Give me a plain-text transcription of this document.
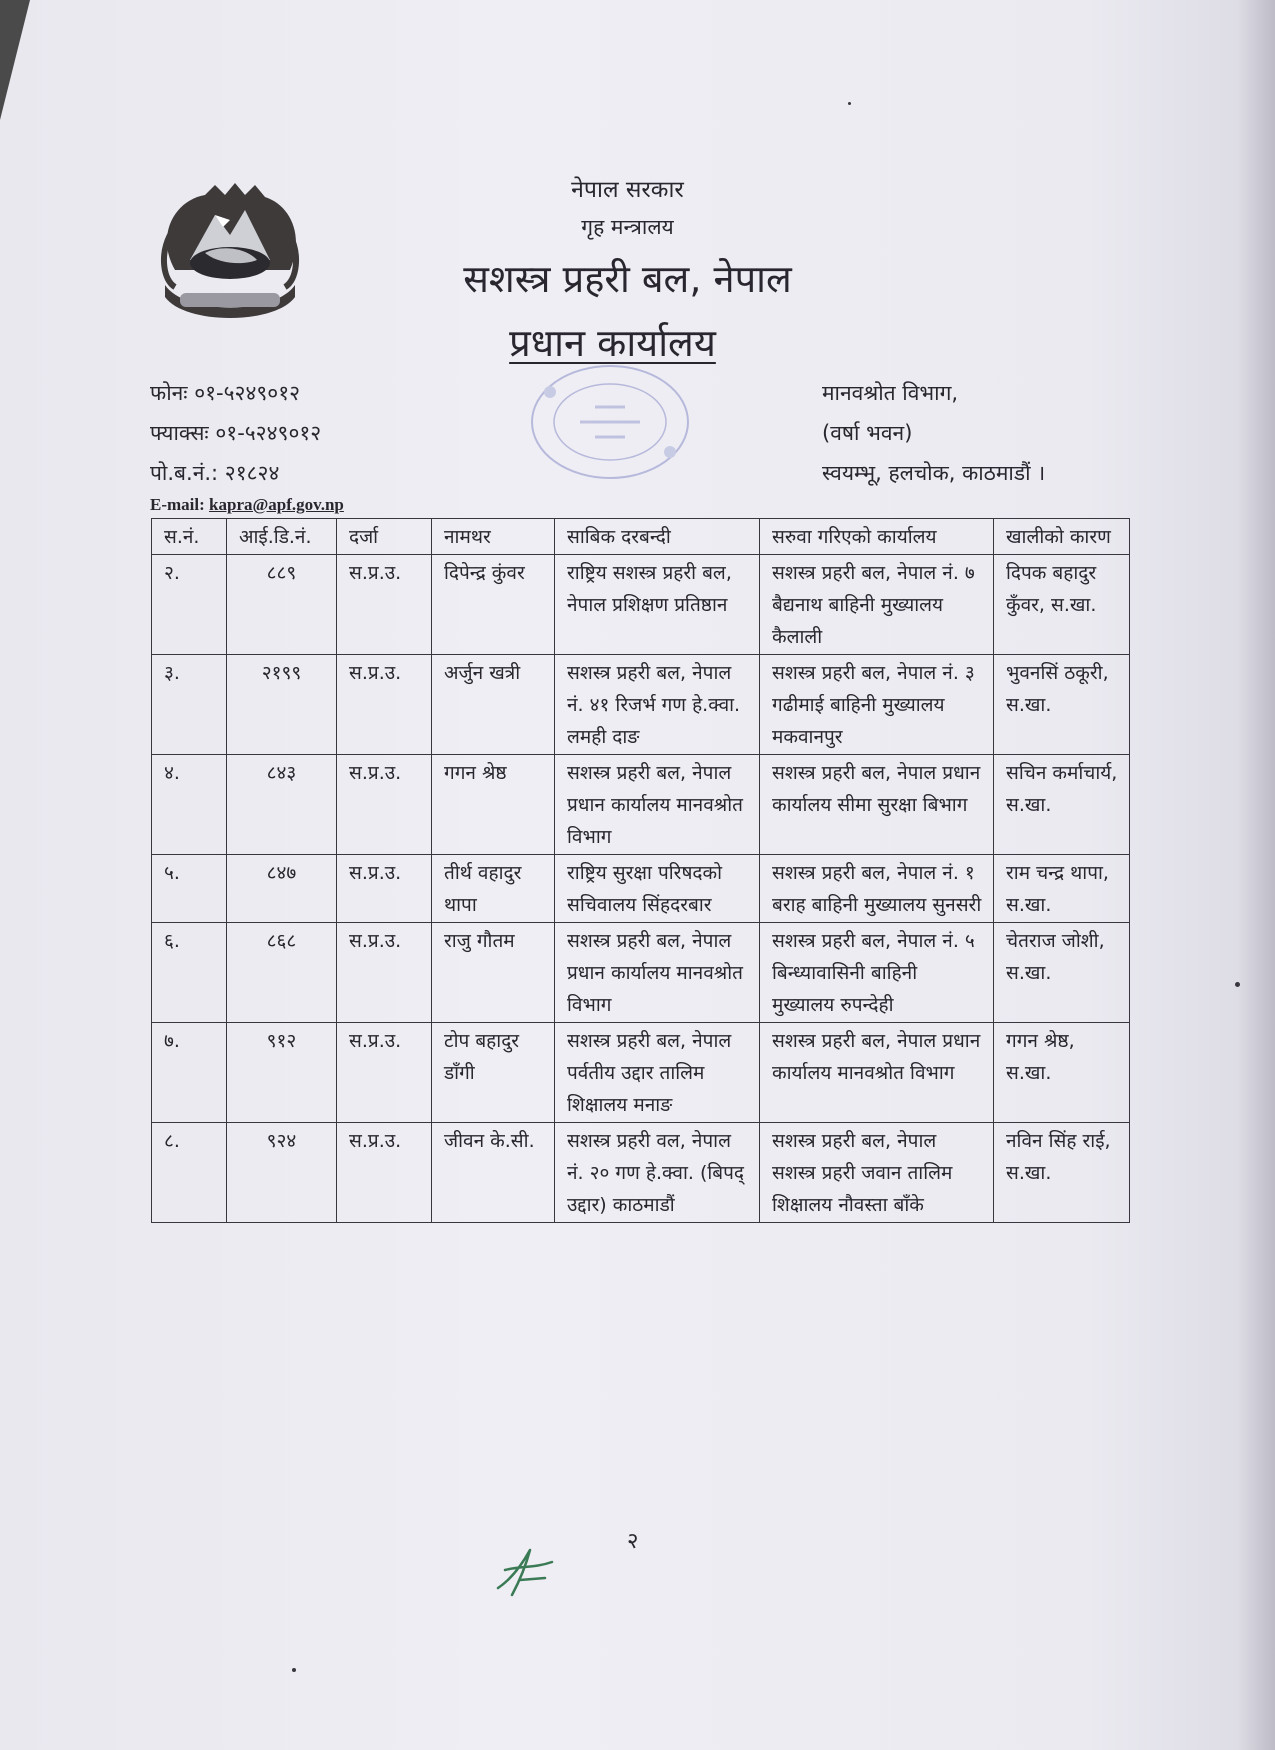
नेपाल सरकार
गृह मन्त्रालय
सशस्त्र प्रहरी बल, नेपाल
प्रधान कार्यालय
फोनः ०१-५२४९०१२
फ्याक्सः ०१-५२४९०१२
पो.ब.नं.: २१८२४
E-mail: kapra@apf.gov.np
मानवश्रोत विभाग,
(वर्षा भवन)
स्वयम्भू, हलचोक, काठमाडौं ।
स.नं.	आई.डि.नं.	दर्जा	नामथर	साबिक दरबन्दी	सरुवा गरिएको कार्यालय	खालीको कारण
२.	८८९	स.प्र.उ.	दिपेन्द्र कुंवर	राष्ट्रिय सशस्त्र प्रहरी बल, नेपाल प्रशिक्षण प्रतिष्ठान	सशस्त्र प्रहरी बल, नेपाल नं. ७ बैद्यनाथ बाहिनी मुख्यालय कैलाली	दिपक बहादुर कुँवर, स.खा.
३.	२१९९	स.प्र.उ.	अर्जुन खत्री	सशस्त्र प्रहरी बल, नेपाल नं. ४१ रिजर्भ गण हे.क्वा. लमही दाङ	सशस्त्र प्रहरी बल, नेपाल नं. ३ गढीमाई बाहिनी मुख्यालय मकवानपुर	भुवनसिं ठकूरी, स.खा.
४.	८४३	स.प्र.उ.	गगन श्रेष्ठ	सशस्त्र प्रहरी बल, नेपाल प्रधान कार्यालय मानवश्रोत विभाग	सशस्त्र प्रहरी बल, नेपाल प्रधान कार्यालय सीमा सुरक्षा बिभाग	सचिन कर्माचार्य, स.खा.
५.	८४७	स.प्र.उ.	तीर्थ वहादुर थापा	राष्ट्रिय सुरक्षा परिषदको सचिवालय सिंहदरबार	सशस्त्र प्रहरी बल, नेपाल नं. १ बराह बाहिनी मुख्यालय सुनसरी	राम चन्द्र थापा, स.खा.
६.	८६८	स.प्र.उ.	राजु गौतम	सशस्त्र प्रहरी बल, नेपाल प्रधान कार्यालय मानवश्रोत विभाग	सशस्त्र प्रहरी बल, नेपाल नं. ५ बिन्ध्यावासिनी बाहिनी मुख्यालय रुपन्देही	चेतराज जोशी, स.खा.
७.	९१२	स.प्र.उ.	टोप बहादुर डाँगी	सशस्त्र प्रहरी बल, नेपाल पर्वतीय उद्दार तालिम शिक्षालय मनाङ	सशस्त्र प्रहरी बल, नेपाल प्रधान कार्यालय मानवश्रोत विभाग	गगन श्रेष्ठ, स.खा.
८.	९२४	स.प्र.उ.	जीवन के.सी.	सशस्त्र प्रहरी वल, नेपाल नं. २० गण हे.क्वा. (बिपद् उद्दार) काठमाडौं	सशस्त्र प्रहरी बल, नेपाल सशस्त्र प्रहरी जवान तालिम शिक्षालय नौवस्ता बाँके	नविन सिंह राई, स.खा.
२
